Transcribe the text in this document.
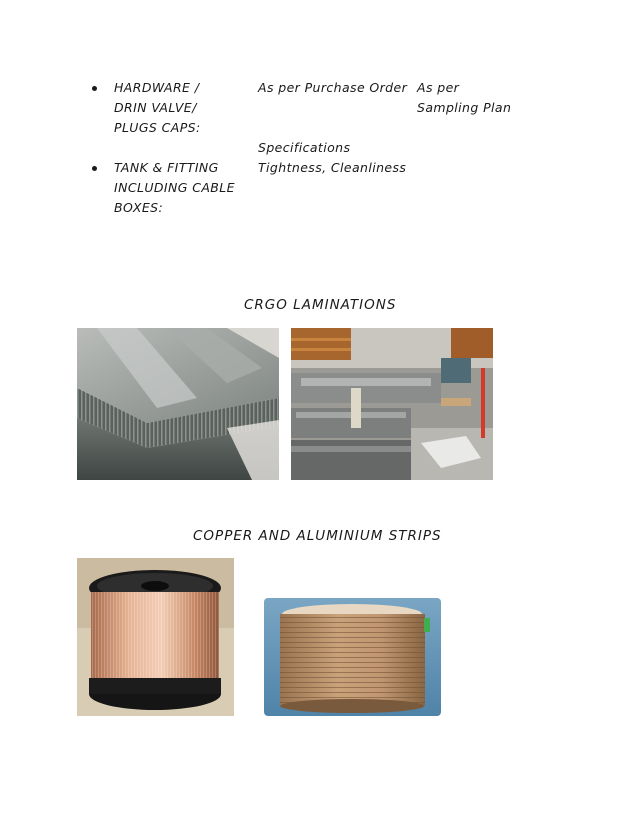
HARDWARE /
DRIN VALVE/
PLUGS CAPS:
As per Purchase Order As per
Sampling Plan
Specifications
TANK & FITTING	Tightness, Cleanliness
INCLUDING CABLE
BOXES:
CRGO LAMINATIONS
COPPER AND ALUMINIUM STRIPS
